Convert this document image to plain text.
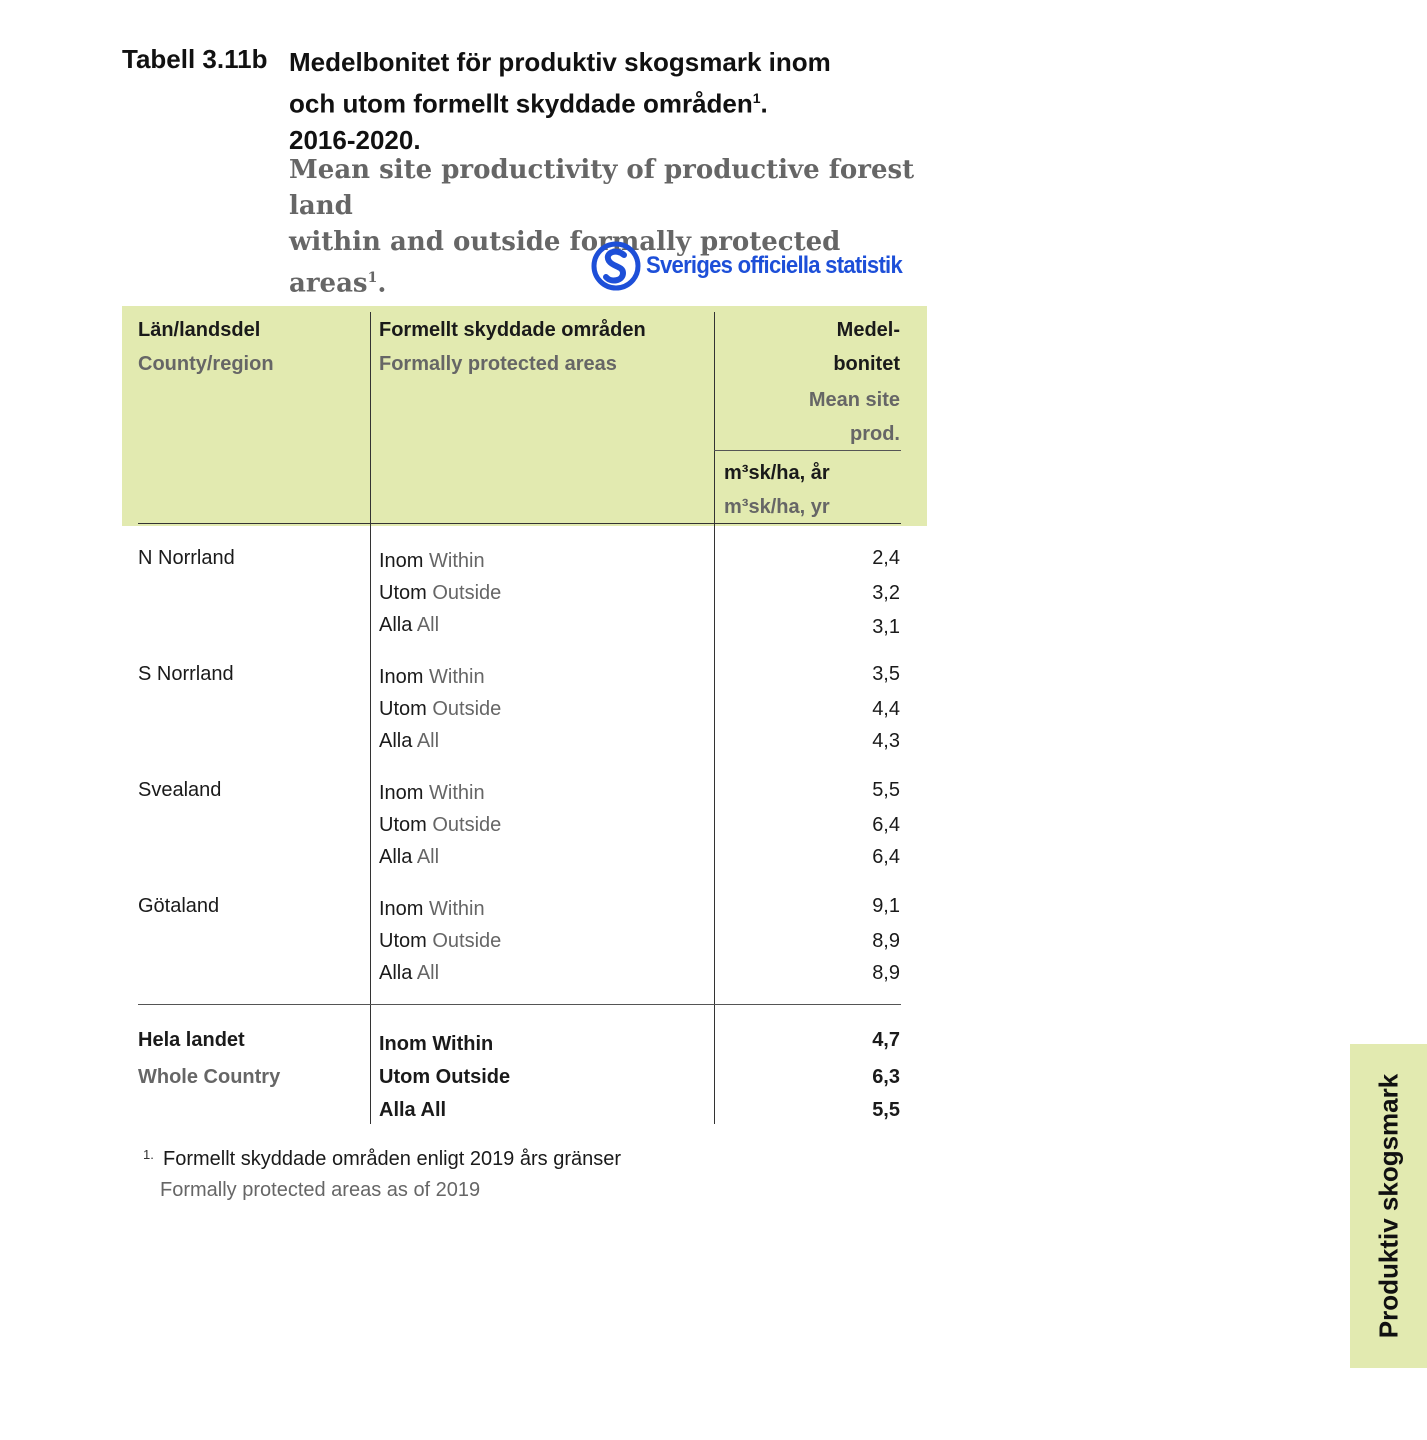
Tabell 3.11b Medelbonitet för produktiv skogsmark inom
och utom formellt skyddade områden$^1$.
2016-2020.
Mean site productivity of productive forest land
within and outside formally protected areas$^1$.
Sveriges officiella statistik
Län/landsdel
County/region
Formellt skyddade områden
Formally protected areas
Medel-
bonitet
Mean site
prod.
m³sk/ha, år
m³sk/ha, yr
N Norrland	Inom Within	2,4
Utom Outside	3,2
Alla All	3,1
S Norrland	Inom Within	3,5
Utom Outside	4,4
Alla All	4,3
Svealand	Inom Within	5,5
Utom Outside	6,4
Alla All	6,4
Götaland	Inom Within	9,1
Utom Outside	8,9
Alla All	8,9
Hela landet
Whole Country
Inom Within	4,7
Utom Outside	6,3
Alla All	5,5
1. Formellt skyddade områden enligt 2019 års gränser
Formally protected areas as of 2019	Produktiv skogsmark
